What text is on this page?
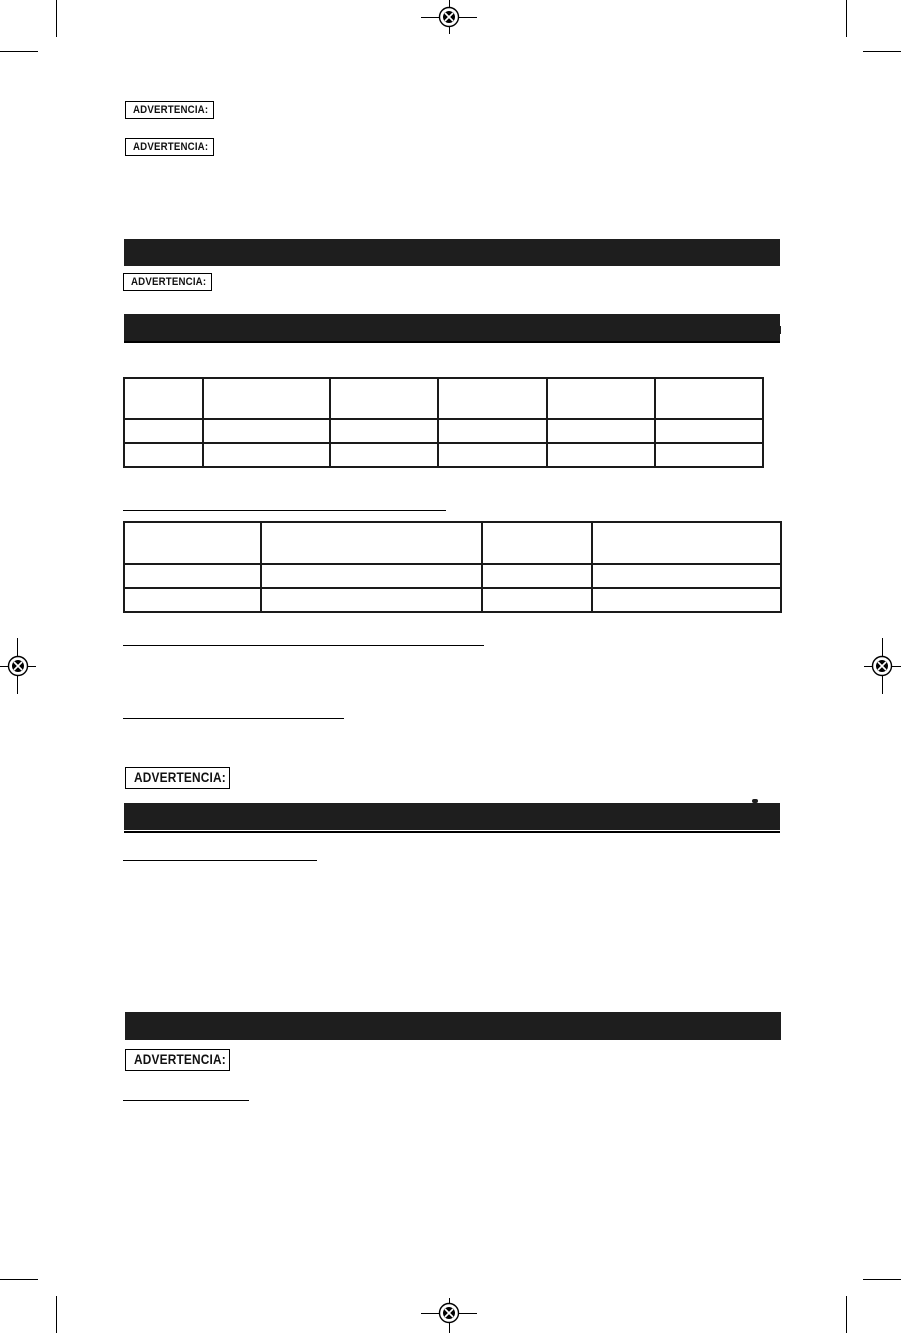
ADVERTENCIA:
ADVERTENCIA:
ADVERTENCIA:
ADVERTENCIA:
ADVERTENCIA:
